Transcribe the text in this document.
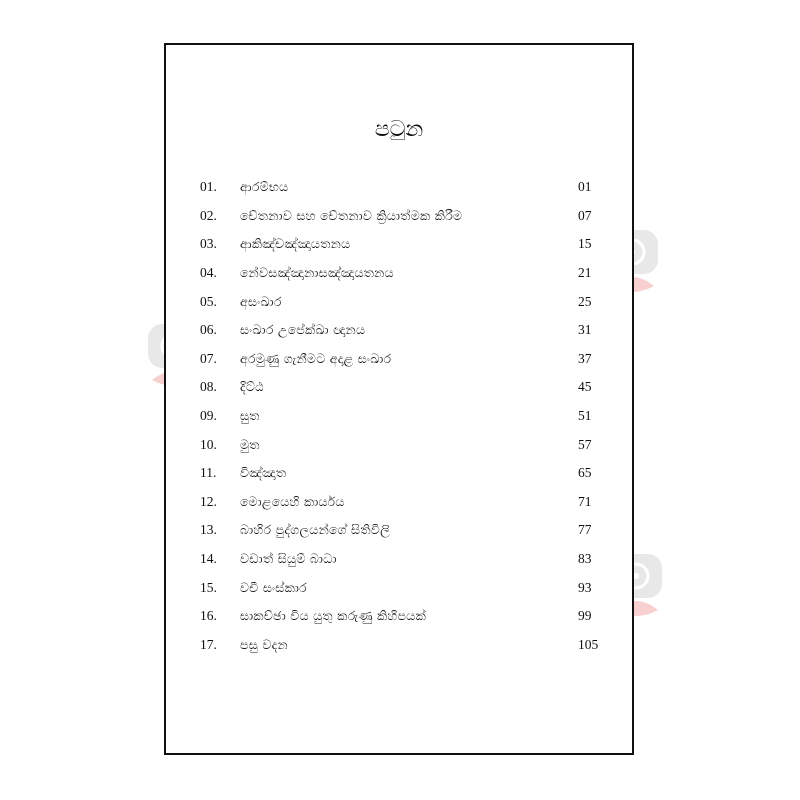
පටුන
01.	ආරම්භය	01
02.	චේතනාව සහ චේතනාව ක්‍රියාත්මක කිරීම	07
03.	ආකිඤ්චඤ්ඤායතනය	15
04.	නේවසඤ්ඤානාසඤ්ඤායතනය	21
05.	අසංඛාර	25
06.	සංඛාර උපේක්ඛා ඥානය	31
07.	අරමුණු ගැනීමට අදාළ සංඛාර	37
08.	දිට්ඨ	45
09.	සුත	51
10.	මුත	57
11.	විඤ්ඤාත	65
12.	මොළයෙහි කාර්යය	71
13.	බාහිර පුද්ගලයන්ගේ සිතිවිලි	77
14.	වඩාත් සියුම් බාධා	83
15.	වචී සංස්කාර	93
16.	සාකච්ඡා විය යුතු කරුණු කිහිපයක්	99
17.	පසු වදන	105
